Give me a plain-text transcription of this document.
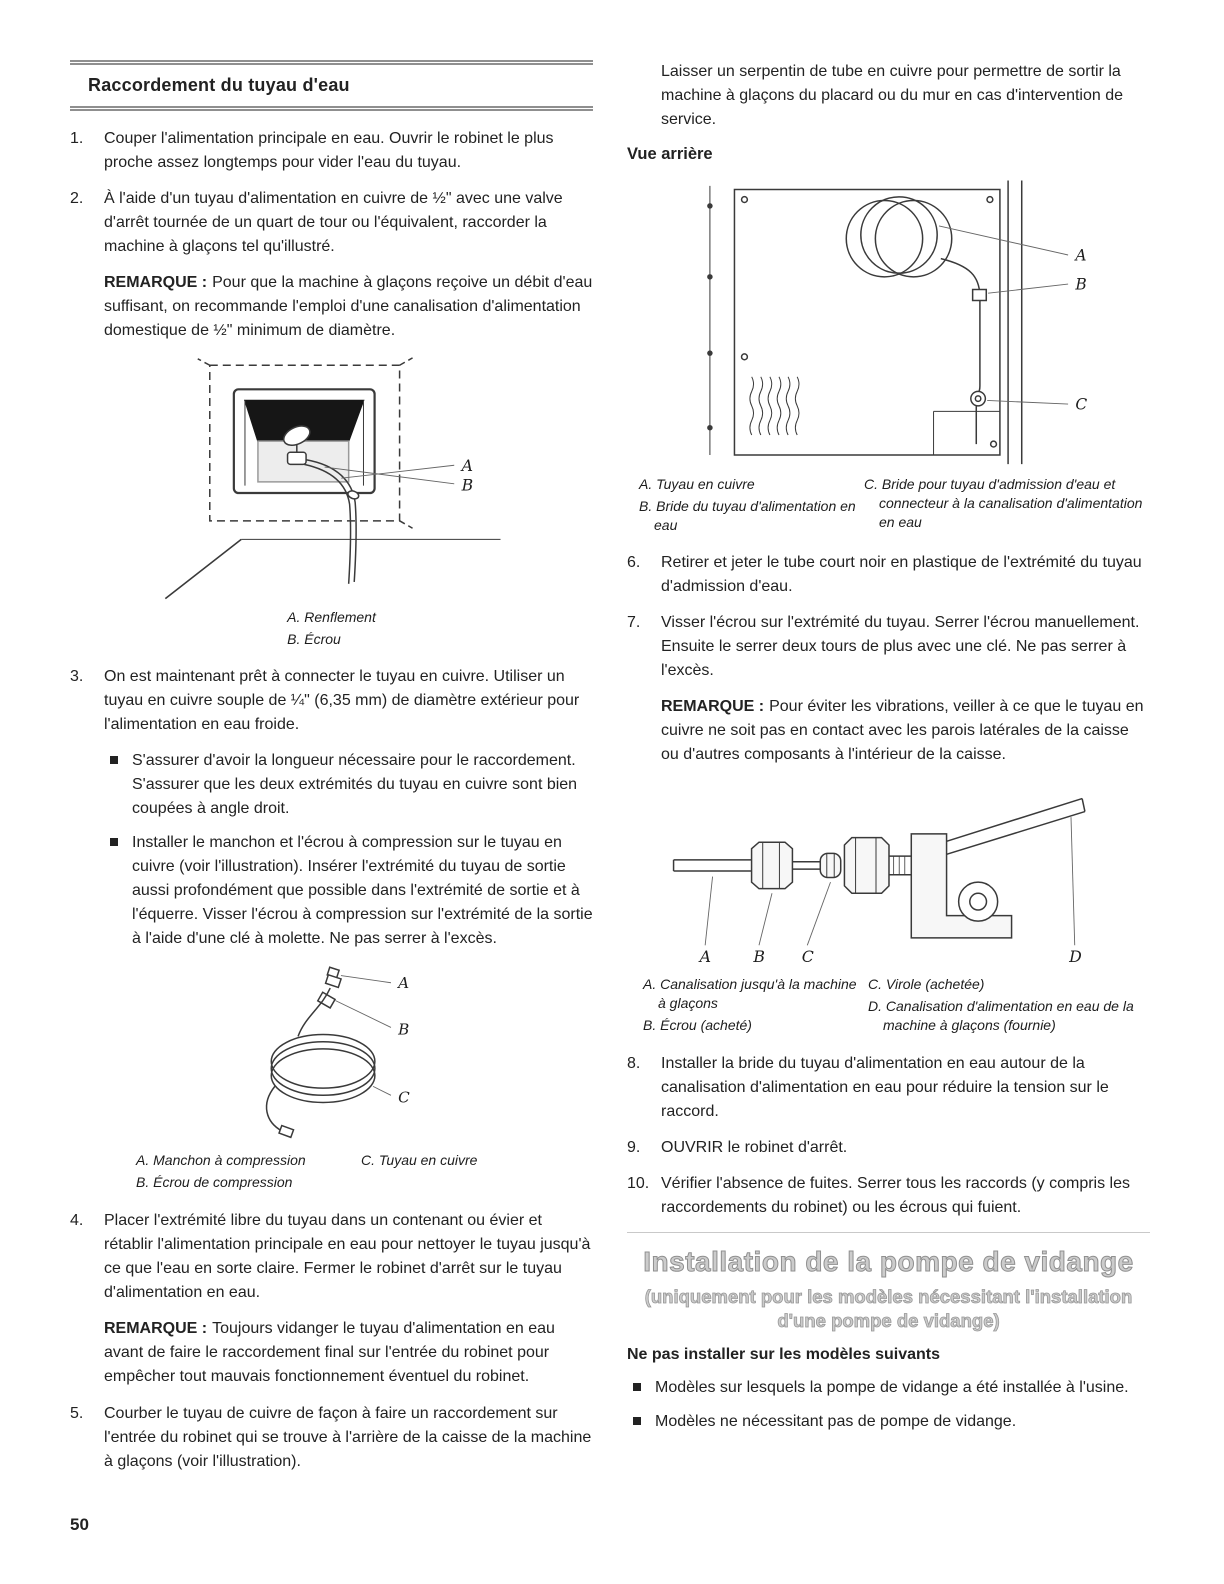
Raccordement du tuyau d'eau
1.	Couper l'alimentation principale en eau. Ouvrir le robinet le plus proche assez longtemps pour vider l'eau du tuyau.
2.	À l'aide d'un tuyau d'alimentation en cuivre de ½" avec une valve d'arrêt tournée de un quart de tour ou l'équivalent, raccorder la machine à glaçons tel qu'illustré.

REMARQUE : Pour que la machine à glaçons reçoive un débit d'eau suffisant, on recommande l'emploi d'une canalisation d'alimentation domestique de ½" minimum de diamètre.

A
B
A. Renflement
B. Écrou
3.	On est maintenant prêt à connecter le tuyau en cuivre. Utiliser un tuyau en cuivre souple de ¼" (6,35 mm) de diamètre extérieur pour l'alimentation en eau froide.
S'assurer d'avoir la longueur nécessaire pour le raccordement. S'assurer que les deux extrémités du tuyau en cuivre sont bien coupées à angle droit.
Installer le manchon et l'écrou à compression sur le tuyau en cuivre (voir l'illustration). Insérer l'extrémité du tuyau de sortie aussi profondément que possible dans l'extrémité de sortie et à l'équerre. Visser l'écrou à compression sur l'extrémité de la sortie à l'aide d'une clé à molette. Ne pas serrer à l'excès.
A
B
C
A. Manchon à compression
B. Écrou de compression
C. Tuyau en cuivre
4.	Placer l'extrémité libre du tuyau dans un contenant ou évier et rétablir l'alimentation principale en eau pour nettoyer le tuyau jusqu'à ce que l'eau en sorte claire. Fermer le robinet d'arrêt sur le tuyau d'alimentation en eau.

REMARQUE : Toujours vidanger le tuyau d'alimentation en eau avant de faire le raccordement final sur l'entrée du robinet pour empêcher tout mauvais fonctionnement éventuel du robinet.

5.	Courber le tuyau de cuivre de façon à faire un raccordement sur l'entrée du robinet qui se trouve à l'arrière de la caisse de la machine à glaçons (voir l'illustration).

Laisser un serpentin de tube en cuivre pour permettre de sortir la machine à glaçons du placard ou du mur en cas d'intervention de service.

Vue arrière
A
B
C
A. Tuyau en cuivre
B. Bride du tuyau d'alimentation en eau
C. Bride pour tuyau d'admission d'eau et connecteur à la canalisation d'alimentation en eau
6.	Retirer et jeter le tube court noir en plastique de l'extrémité du tuyau d'admission d'eau.
7.	Visser l'écrou sur l'extrémité du tuyau. Serrer l'écrou manuellement. Ensuite le serrer deux tours de plus avec une clé. Ne pas serrer à l'excès.

REMARQUE : Pour éviter les vibrations, veiller à ce que le tuyau en cuivre ne soit pas en contact avec les parois latérales de la caisse ou d'autres composants à l'intérieur de la caisse.

A B C	D
A. Canalisation jusqu'à la machine à glaçons
B. Écrou (acheté)
C. Virole (achetée)
D. Canalisation d'alimentation en eau de la machine à glaçons (fournie)
8.	Installer la bride du tuyau d'alimentation en eau autour de la canalisation d'alimentation en eau pour réduire la tension sur le raccord.
9.	OUVRIR le robinet d'arrêt.
10. Vérifier l'absence de fuites. Serrer tous les raccords (y compris les raccordements du robinet) ou les écrous qui fuient.
Installation de la pompe de vidange
(uniquement pour les modèles nécessitant l'installation d'une pompe de vidange)
Ne pas installer sur les modèles suivants
Modèles sur lesquels la pompe de vidange a été installée à l'usine.
Modèles ne nécessitant pas de pompe de vidange.
50
